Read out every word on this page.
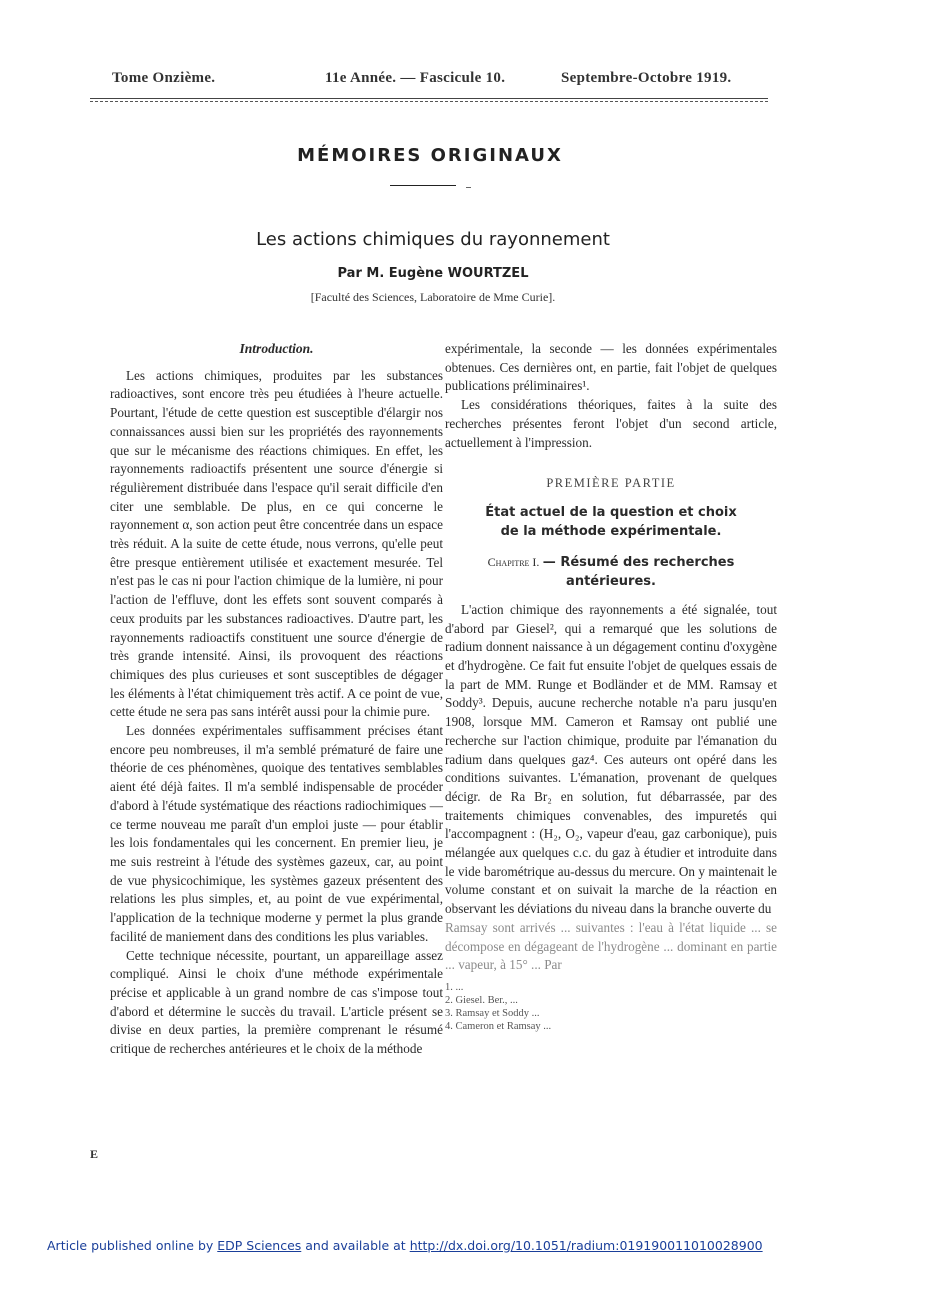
Tome Onzième.	11e Année. — Fascicule 10.	Septembre-Octobre 1919.
MÉMOIRES ORIGINAUX
Les actions chimiques du rayonnement
Par M. Eugène WOURTZEL
[Faculté des Sciences, Laboratoire de Mme Curie].
Introduction.

Les actions chimiques, produites par les substances radioactives, sont encore très peu étudiées à l'heure actuelle. Pourtant, l'étude de cette question est susceptible d'élargir nos connaissances aussi bien sur les propriétés des rayonnements que sur le mécanisme des réactions chimiques. En effet, les rayonnements radioactifs présentent une source d'énergie si régulièrement distribuée dans l'espace qu'il serait difficile d'en citer une semblable. De plus, en ce qui concerne le rayonnement α, son action peut être concentrée dans un espace très réduit. A la suite de cette étude, nous verrons, qu'elle peut être presque entièrement utilisée et exactement mesurée. Tel n'est pas le cas ni pour l'action chimique de la lumière, ni pour l'action de l'effluve, dont les effets sont souvent comparés à ceux produits par les substances radioactives. D'autre part, les rayonnements radioactifs constituent une source d'énergie de très grande intensité. Ainsi, ils provoquent des réactions chimiques des plus curieuses et sont susceptibles de dégager les éléments à l'état chimiquement très actif. A ce point de vue, cette étude ne sera pas sans intérêt aussi pour la chimie pure.

Les données expérimentales suffisamment précises étant encore peu nombreuses, il m'a semblé prématuré de faire une théorie de ces phénomènes, quoique des tentatives semblables aient été déjà faites. Il m'a semblé indispensable de procéder d'abord à l'étude systématique des réactions radiochimiques — ce terme nouveau me paraît d'un emploi juste — pour établir les lois fondamentales qui les concernent. En premier lieu, je me suis restreint à l'étude des systèmes gazeux, car, au point de vue physicochimique, les systèmes gazeux présentent des relations les plus simples, et, au point de vue expérimental, l'application de la technique moderne y permet la plus grande facilité de maniement dans des conditions les plus variables.

Cette technique nécessite, pourtant, un appareillage assez compliqué. Ainsi le choix d'une méthode expérimentale précise et applicable à un grand nombre de cas s'impose tout d'abord et détermine le succès du travail. L'article présent se divise en deux parties, la première comprenant le résumé critique de recherches antérieures et le choix de la méthode

expérimentale, la seconde — les données expérimentales obtenues. Ces dernières ont, en partie, fait l'objet de quelques publications préliminaires¹.

Les considérations théoriques, faites à la suite des recherches présentes feront l'objet d'un second article, actuellement à l'impression.

PREMIÈRE PARTIE
État actuel de la question et choix
de la méthode expérimentale.
Chapitre I. — Résumé des recherches antérieures.

L'action chimique des rayonnements a été signalée, tout d'abord par Giesel², qui a remarqué que les solutions de radium donnent naissance à un dégagement continu d'oxygène et d'hydrogène. Ce fait fut ensuite l'objet de quelques essais de la part de MM. Runge et Bodländer et de MM. Ramsay et Soddy³. Depuis, aucune recherche notable n'a paru jusqu'en 1908, lorsque MM. Cameron et Ramsay ont publié une recherche sur l'action chimique, produite par l'émanation du radium dans quelques gaz⁴. Ces auteurs ont opéré dans les conditions suivantes. L'émanation, provenant de quelques décigr. de Ra Br₂ en solution, fut débarrassée, par des traitements chimiques convenables, des impuretés qui l'accompagnent : (H₂, O₂, vapeur d'eau, gaz carbonique), puis mélangée aux quelques c.c. du gaz à étudier et introduite dans le vide barométrique au-dessus du mercure. On y maintenait le volume constant et on suivait la marche de la réaction en observant les déviations du niveau dans la branche ouverte du

Ramsay sont arrivés ... suivantes : l'eau à l'état liquide ... se décompose en dégageant de l'hydrogène ... dominant en partie ... vapeur, à 15° ... Par

1. ...
2. Giesel. Ber., ...
3. Ramsay et Soddy ...
4. Cameron et Ramsay ...
E
Article published online by EDP Sciences and available at http://dx.doi.org/10.1051/radium:019190011010028900
